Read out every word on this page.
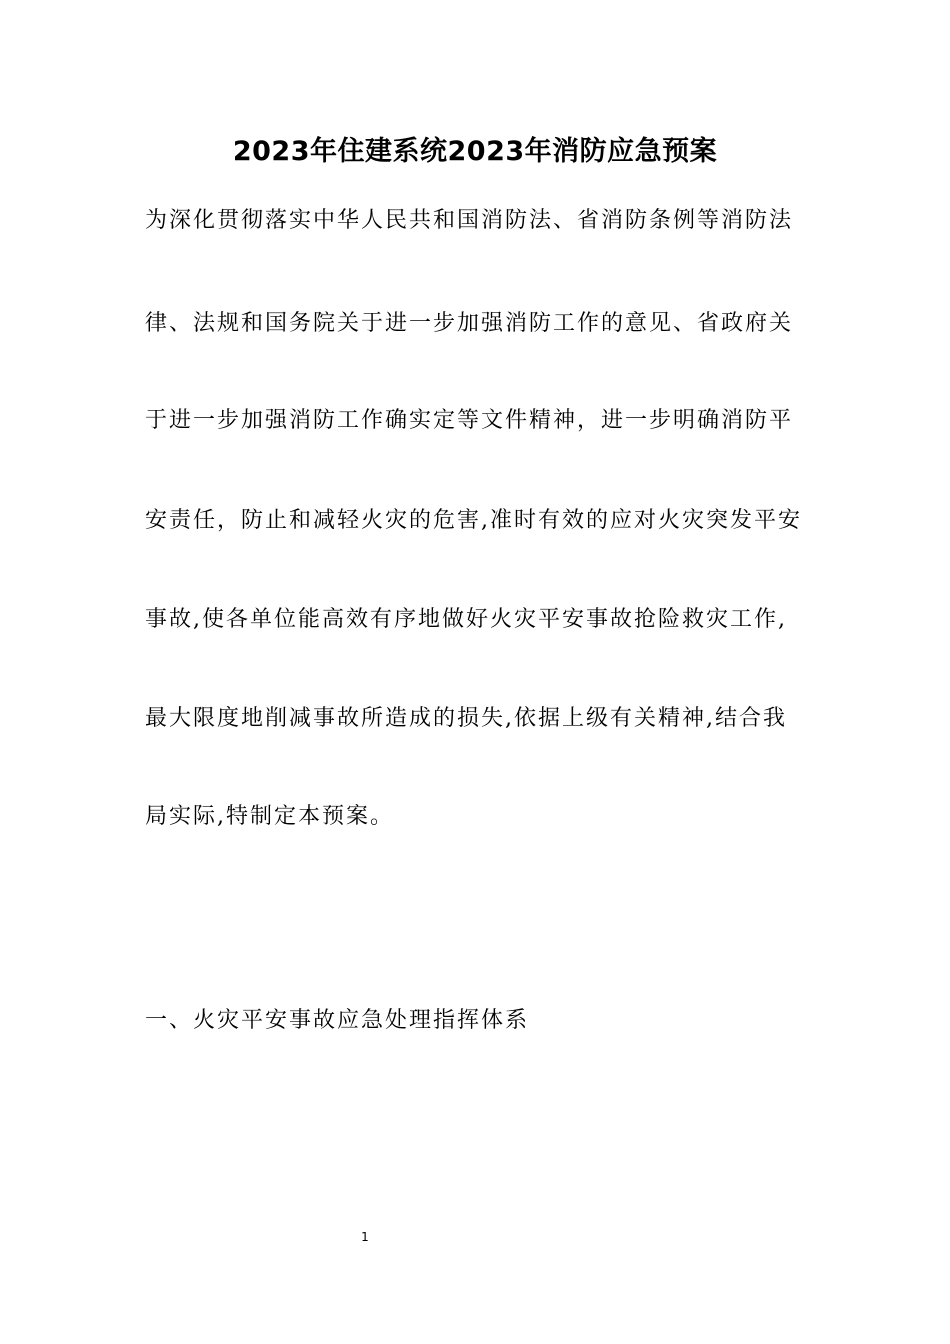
2023年住建系统2023年消防应急预案
为深化贯彻落实中华人民共和国消防法、省消防条例等消防法
律、法规和国务院关于进一步加强消防工作的意见、省政府关
于进一步加强消防工作确实定等文件精神，进一步明确消防平
安责任，防止和减轻火灾的危害,准时有效的应对火灾突发平安
事故,使各单位能高效有序地做好火灾平安事故抢险救灾工作,
最大限度地削减事故所造成的损失,依据上级有关精神,结合我
局实际,特制定本预案。
一、火灾平安事故应急处理指挥体系
1
